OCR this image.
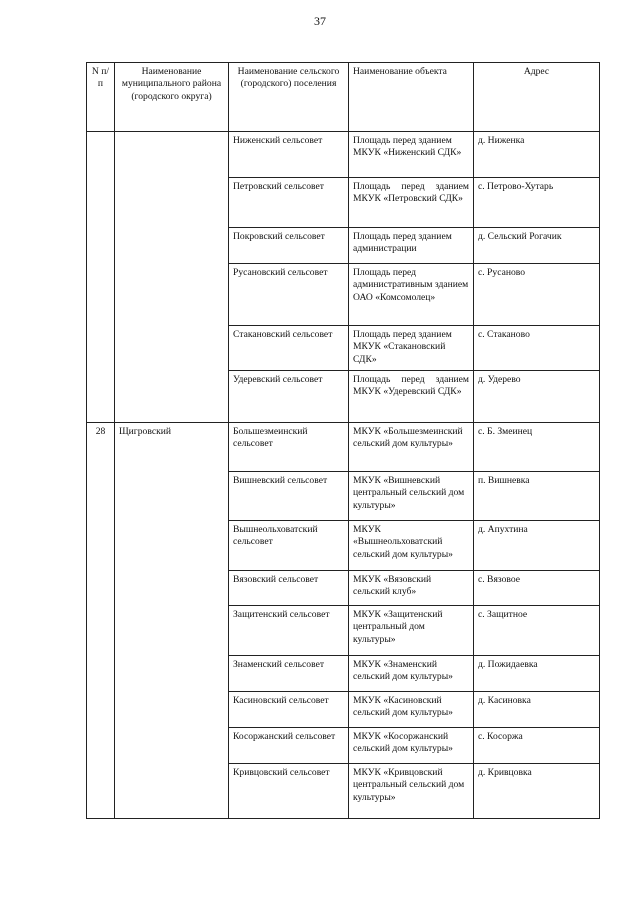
37
N п/п	Наименование муниципального района (городского округа)	Наименование сельского (городского) поселения	Наименование объекта	Адрес
		Ниженский сельсовет	Площадь перед зданием МКУК «Ниженский СДК»	д. Ниженка
		Петровский сельсовет	Площадь перед зданием МКУК «Петровский СДК»	с. Петрово-Хутарь
		Покровский сельсовет	Площадь перед зданием администрации	д. Сельский Рогачик
		Русановский сельсовет	Площадь перед административным зданием ОАО «Комсомолец»	с. Русаново
		Стакановский сельсовет	Площадь перед зданием МКУК «Стакановский СДК»	с. Стаканово
		Удеревский сельсовет	Площадь перед зданием МКУК «Удеревский СДК»	д. Удерево
28	Щигровский	Большезмеинский сельсовет	МКУК «Большезмеинский сельский дом культуры»	с. Б. Змеинец
		Вишневский сельсовет	МКУК «Вишневский центральный сельский дом культуры»	п. Вишневка
		Вышнеольховатский сельсовет	МКУК «Вышнеольховатский сельский дом культуры»	д. Апухтина
		Вязовский сельсовет	МКУК «Вязовский сельский клуб»	с. Вязовое
		Защитенский сельсовет	МКУК «Защитенский центральный дом культуры»	с. Защитное
		Знаменский сельсовет	МКУК «Знаменский сельский дом культуры»	д. Пожидаевка
		Касиновский сельсовет	МКУК «Касиновский сельский дом культуры»	д. Касиновка
		Косоржанский сельсовет	МКУК «Косоржанский сельский дом культуры»	с. Косоржа
		Кривцовский сельсовет	МКУК «Кривцовский центральный сельский дом культуры»	д. Кривцовка
